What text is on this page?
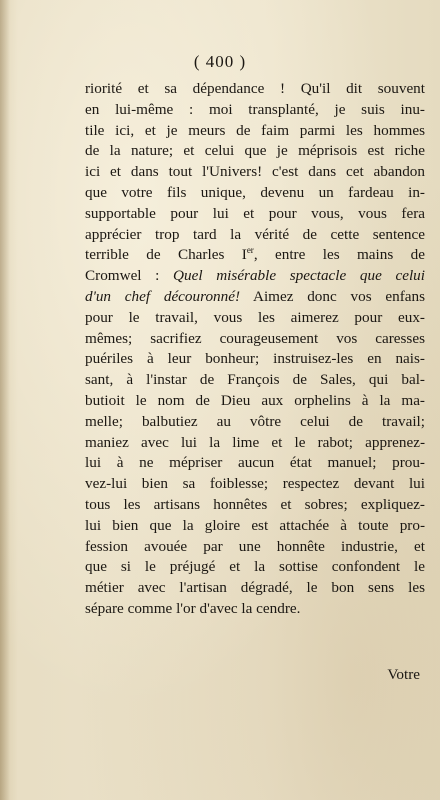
( 400 )
riorité et sa dépendance ! Qu'il dit souvent
en lui-même : moi transplanté, je suis inu-
tile ici, et je meurs de faim parmi les hommes
de la nature; et celui que je méprisois est riche
ici et dans tout l'Univers! c'est dans cet abandon
que votre fils unique, devenu un fardeau in-
supportable pour lui et pour vous, vous fera
apprécier trop tard la vérité de cette sentence
terrible de Charles Ier, entre les mains de
Cromwel : Quel misérable spectacle que celui
d'un chef découronné! Aimez donc vos enfans
pour le travail, vous les aimerez pour eux-
mêmes; sacrifiez courageusement vos caresses
puériles à leur bonheur; instruisez-les en nais-
sant, à l'instar de François de Sales, qui bal-
butioit le nom de Dieu aux orphelins à la ma-
melle; balbutiez au vôtre celui de travail;
maniez avec lui la lime et le rabot; apprenez-
lui à ne mépriser aucun état manuel; prou-
vez-lui bien sa foiblesse; respectez devant lui
tous les artisans honnêtes et sobres; expliquez-
lui bien que la gloire est attachée à toute pro-
fession avouée par une honnête industrie, et
que si le préjugé et la sottise confondent le
métier avec l'artisan dégradé, le bon sens les
sépare comme l'or d'avec la cendre.
Votre
